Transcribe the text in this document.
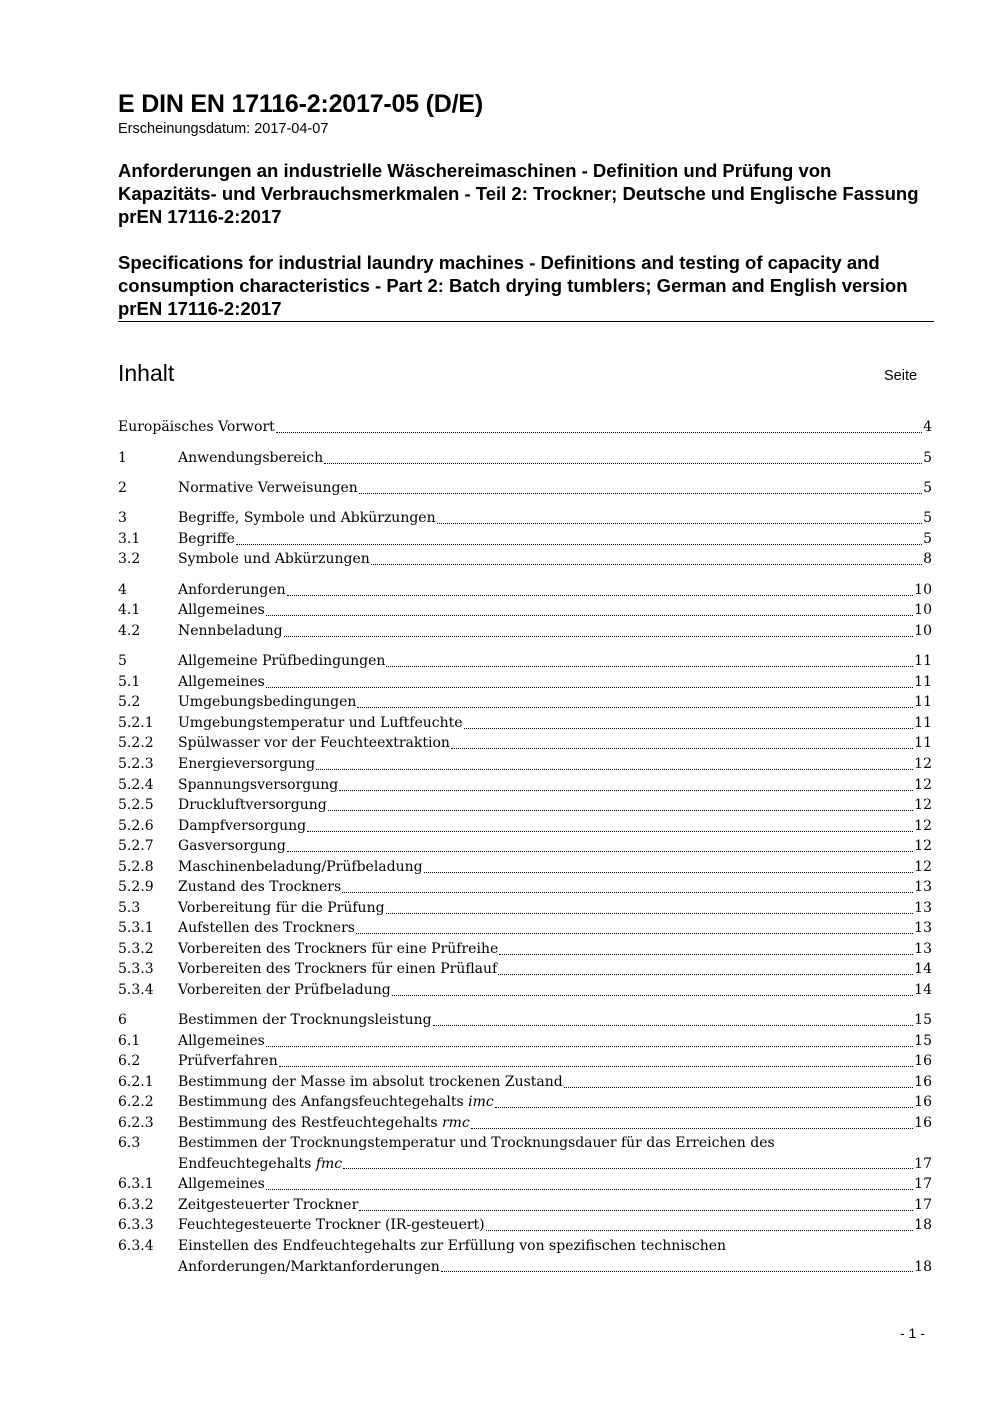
E DIN EN 17116-2:2017-05 (D/E)
Erscheinungsdatum: 2017-04-07
Anforderungen an industrielle Wäschereimaschinen - Definition und Prüfung von Kapazitäts- und Verbrauchsmerkmalen - Teil 2: Trockner; Deutsche und Englische Fassung prEN 17116-2:2017
Specifications for industrial laundry machines - Definitions and testing of capacity and consumption characteristics - Part 2: Batch drying tumblers; German and English version prEN 17116-2:2017
Inhalt	Seite
Europäisches Vorwort	4
1	Anwendungsbereich	5
2	Normative Verweisungen	5
3	Begriffe, Symbole und Abkürzungen	5
3.1	Begriffe	5
3.2	Symbole und Abkürzungen	8
4	Anforderungen	10
4.1	Allgemeines	10
4.2	Nennbeladung	10
5	Allgemeine Prüfbedingungen	11
5.1	Allgemeines	11
5.2	Umgebungsbedingungen	11
5.2.1 Umgebungstemperatur und Luftfeuchte	11
5.2.2 Spülwasser vor der Feuchteextraktion	11
5.2.3 Energieversorgung	12
5.2.4 Spannungsversorgung	12
5.2.5 Druckluftversorgung	12
5.2.6 Dampfversorgung	12
5.2.7 Gasversorgung	12
5.2.8 Maschinenbeladung/Prüfbeladung	12
5.2.9 Zustand des Trockners	13
5.3	Vorbereitung für die Prüfung	13
5.3.1 Aufstellen des Trockners	13
5.3.2 Vorbereiten des Trockners für eine Prüfreihe	13
5.3.3 Vorbereiten des Trockners für einen Prüflauf	14
5.3.4 Vorbereiten der Prüfbeladung	14
6	Bestimmen der Trocknungsleistung	15
6.1	Allgemeines	15
6.2	Prüfverfahren	16
6.2.1 Bestimmung der Masse im absolut trockenen Zustand	16
6.2.2 Bestimmung des Anfangsfeuchtegehalts imc	16
6.2.3 Bestimmung des Restfeuchtegehalts rmc	16
6.3	Bestimmen der Trocknungstemperatur und Trocknungsdauer für das Erreichen des
Endfeuchtegehalts fmc	17
6.3.1 Allgemeines	17
6.3.2 Zeitgesteuerter Trockner	17
6.3.3 Feuchtegesteuerte Trockner (IR-gesteuert)	18
6.3.4 Einstellen des Endfeuchtegehalts zur Erfüllung von spezifischen technischen
Anforderungen/Marktanforderungen	18
- 1 -
